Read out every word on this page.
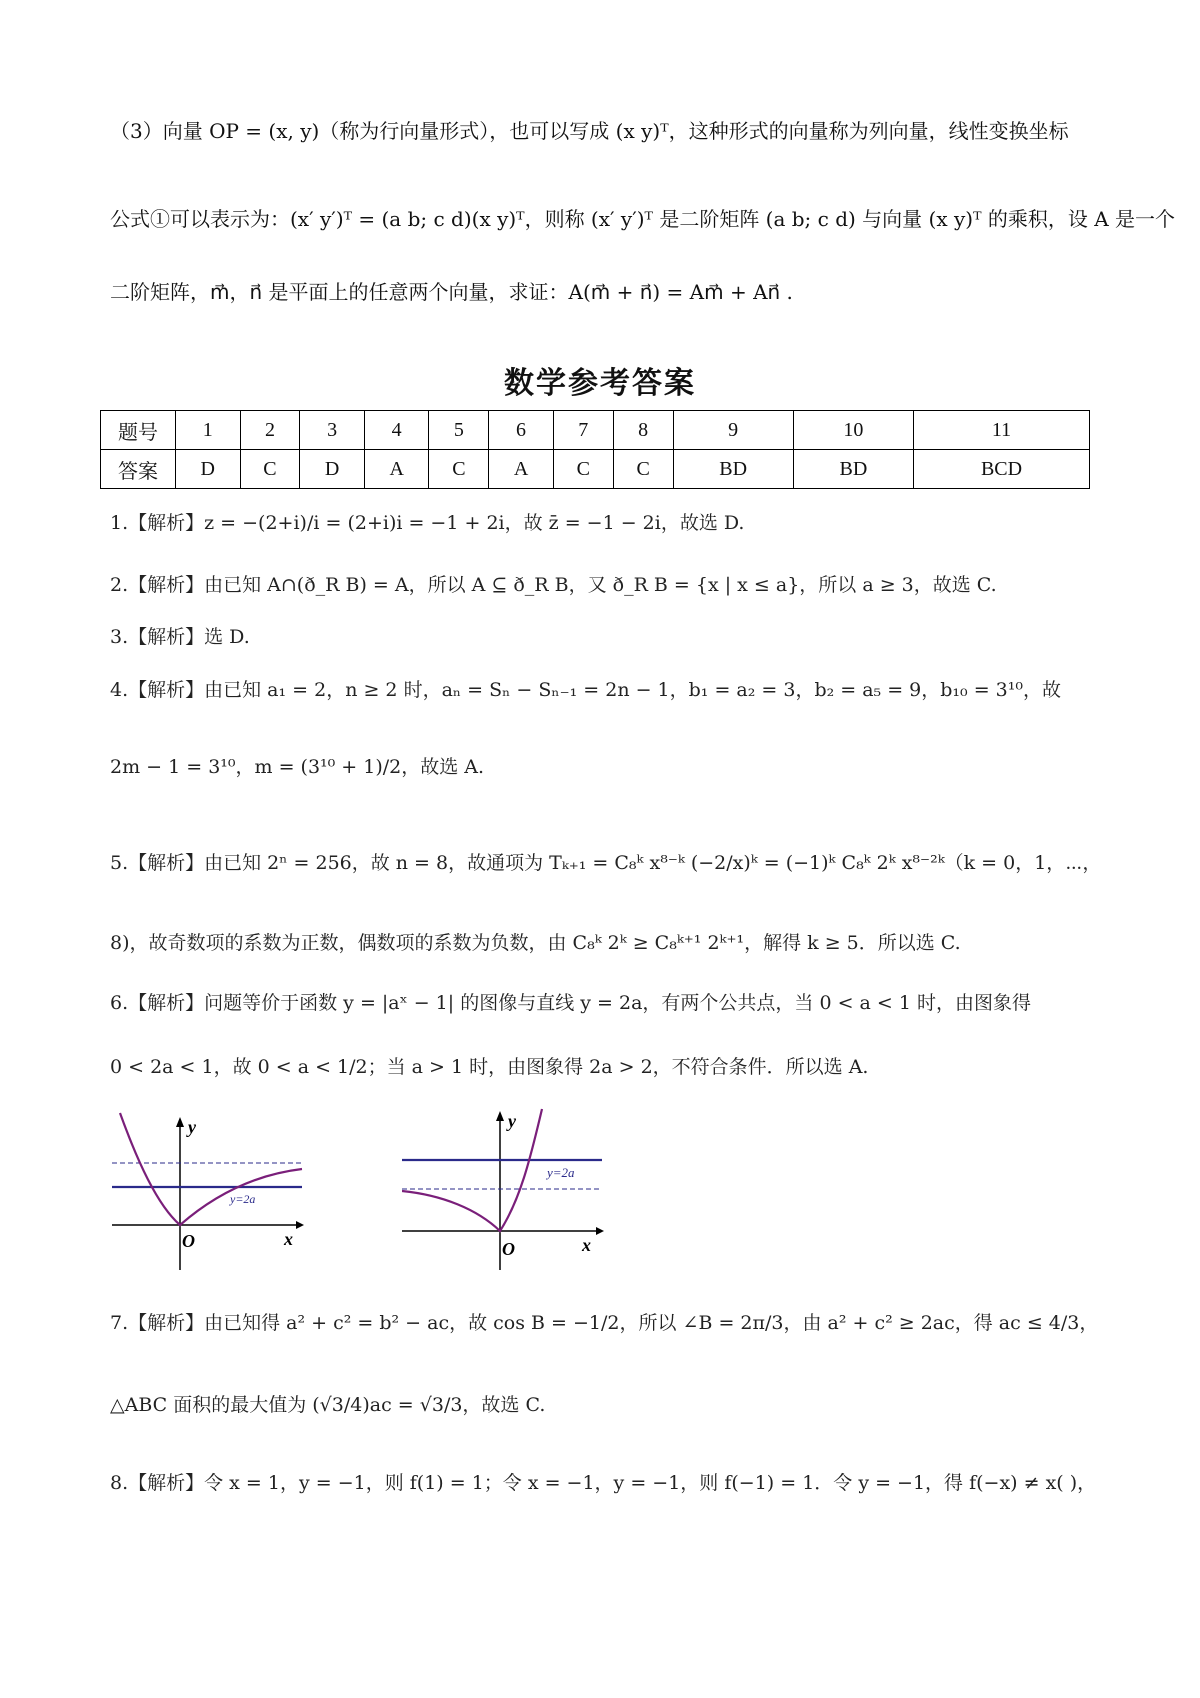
（3）向量 OP = (x, y)（称为行向量形式），也可以写成 (x y)ᵀ，这种形式的向量称为列向量，线性变换坐标
公式①可以表示为：(x′ y′)ᵀ = (a b; c d)(x y)ᵀ，则称 (x′ y′)ᵀ 是二阶矩阵 (a b; c d) 与向量 (x y)ᵀ 的乘积，设 A 是一个
二阶矩阵，m⃗，n⃗ 是平面上的任意两个向量，求证：A(m⃗ + n⃗) = Am⃗ + An⃗ .
数学参考答案
题号	1	2	3	4	5	6	7	8	9	10	11
答案	D	C	D	A	C	A	C	C	BD	BD	BCD
1.【解析】z = −(2+i)/i = (2+i)i = −1 + 2i，故 z̄ = −1 − 2i，故选 D.
2.【解析】由已知 A∩(ð_R B) = A，所以 A ⊆ ð_R B，又 ð_R B = {x | x ≤ a}，所以 a ≥ 3，故选 C.
3.【解析】选 D.
4.【解析】由已知 a₁ = 2，n ≥ 2 时，aₙ = Sₙ − Sₙ₋₁ = 2n − 1，b₁ = a₂ = 3，b₂ = a₅ = 9，b₁₀ = 3¹⁰，故
2m − 1 = 3¹⁰，m = (3¹⁰ + 1)/2，故选 A.
5.【解析】由已知 2ⁿ = 256，故 n = 8，故通项为 Tₖ₊₁ = C₈ᵏ x⁸⁻ᵏ (−2/x)ᵏ = (−1)ᵏ C₈ᵏ 2ᵏ x⁸⁻²ᵏ（k = 0，1，⋯，
8)，故奇数项的系数为正数，偶数项的系数为负数，由 C₈ᵏ 2ᵏ ≥ C₈ᵏ⁺¹ 2ᵏ⁺¹，解得 k ≥ 5．所以选 C.
6.【解析】问题等价于函数 y = |aˣ − 1| 的图像与直线 y = 2a，有两个公共点，当 0 < a < 1 时，由图象得
0 < 2a < 1，故 0 < a < 1/2；当 a > 1 时，由图象得 2a > 2，不符合条件．所以选 A.
y=2a
y
x
O
y=2a
y
x
O
7.【解析】由已知得 a² + c² = b² − ac，故 cos B = −1/2，所以 ∠B = 2π/3，由 a² + c² ≥ 2ac，得 ac ≤ 4/3，
△ABC 面积的最大值为 (√3/4)ac = √3/3，故选 C.
8.【解析】令 x = 1，y = −1，则 f(1) = 1；令 x = −1，y = −1，则 f(−1) = 1．令 y = −1，得 f(−x) ≠ x( )，
